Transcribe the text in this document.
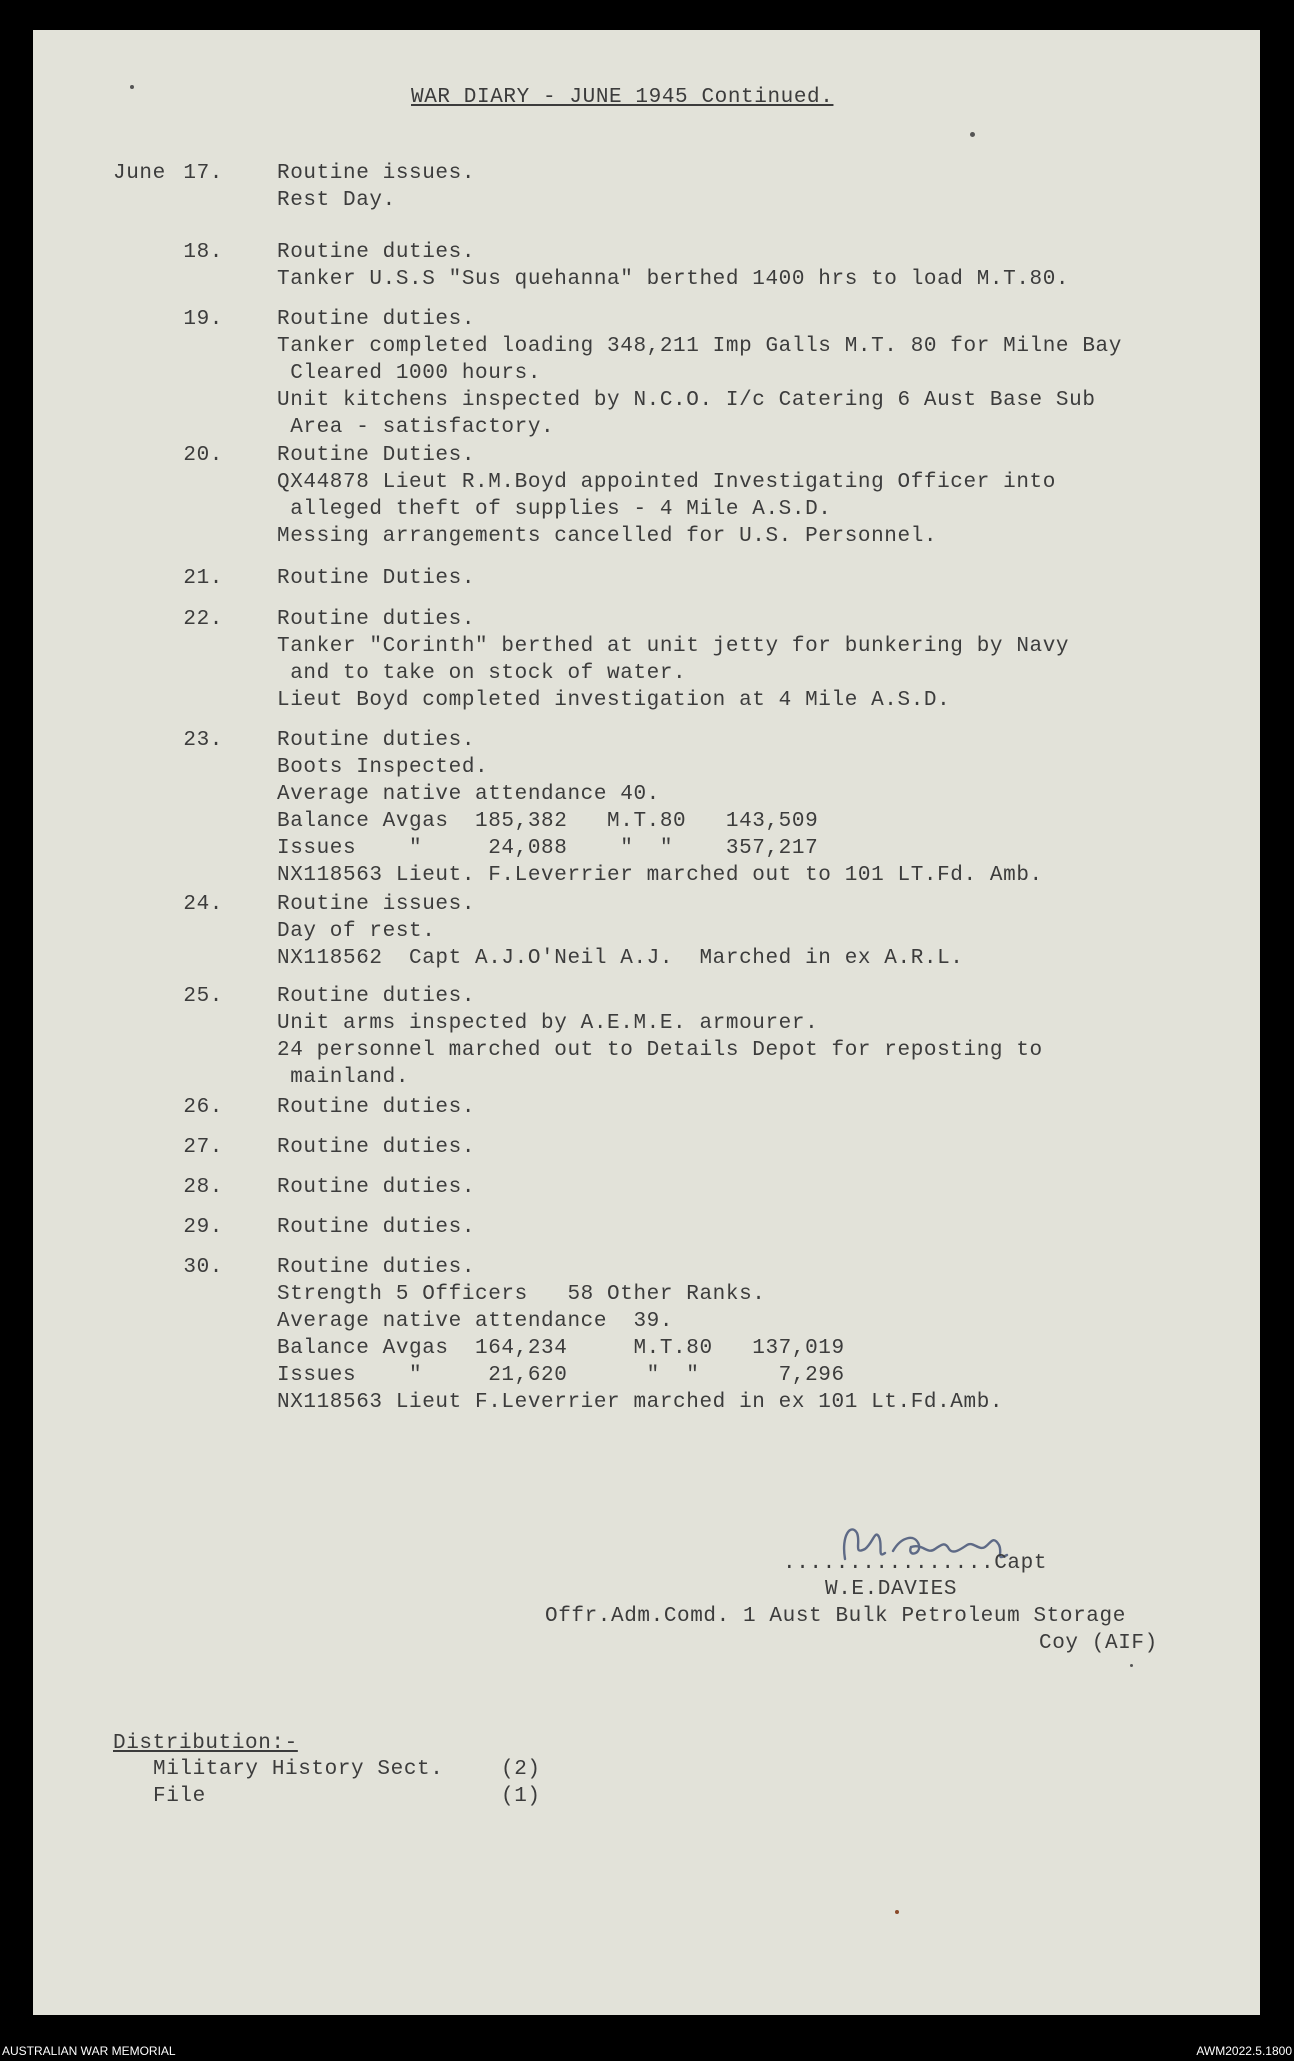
WAR DIARY - JUNE 1945 Continued.
June
................Capt
W.E.DAVIES
Offr.Adm.Comd. 1 Aust Bulk Petroleum Storage
Coy (AIF)
Distribution:-
Military History Sect.	(2)
File	(1)
17.	Routine issues.
Rest Day.
18.	Routine duties.
Tanker U.S.S "Sus quehanna" berthed 1400 hrs to load M.T.80.
19.	Routine duties.
Tanker completed loading 348,211 Imp Galls M.T. 80 for Milne Bay
Cleared 1000 hours.
Unit kitchens inspected by N.C.O. I/c Catering 6 Aust Base Sub
Area - satisfactory.
20.	Routine Duties.
QX44878 Lieut R.M.Boyd appointed Investigating Officer into
alleged theft of supplies - 4 Mile A.S.D.
Messing arrangements cancelled for U.S. Personnel.
21.	Routine Duties.
22.	Routine duties.
Tanker "Corinth" berthed at unit jetty for bunkering by Navy
and to take on stock of water.
Lieut Boyd completed investigation at 4 Mile A.S.D.
23.	Routine duties.
Boots Inspected.
Average native attendance 40.
Balance Avgas  185,382   M.T.80   143,509
Issues    "     24,088    "  "    357,217
NX118563 Lieut. F.Leverrier marched out to 101 LT.Fd. Amb.
24.	Routine issues.
Day of rest.
NX118562  Capt A.J.O'Neil A.J.  Marched in ex A.R.L.
25.	Routine duties.
Unit arms inspected by A.E.M.E. armourer.
24 personnel marched out to Details Depot for reposting to
mainland.
26.	Routine duties.
27.	Routine duties.
28.	Routine duties.
29.	Routine duties.
30.	Routine duties.
Strength 5 Officers   58 Other Ranks.
Average native attendance  39.
Balance Avgas  164,234     M.T.80   137,019
Issues    "     21,620      "  "      7,296
NX118563 Lieut F.Leverrier marched in ex 101 Lt.Fd.Amb.
AUSTRALIAN WAR MEMORIAL	AWM2022.5.1800
